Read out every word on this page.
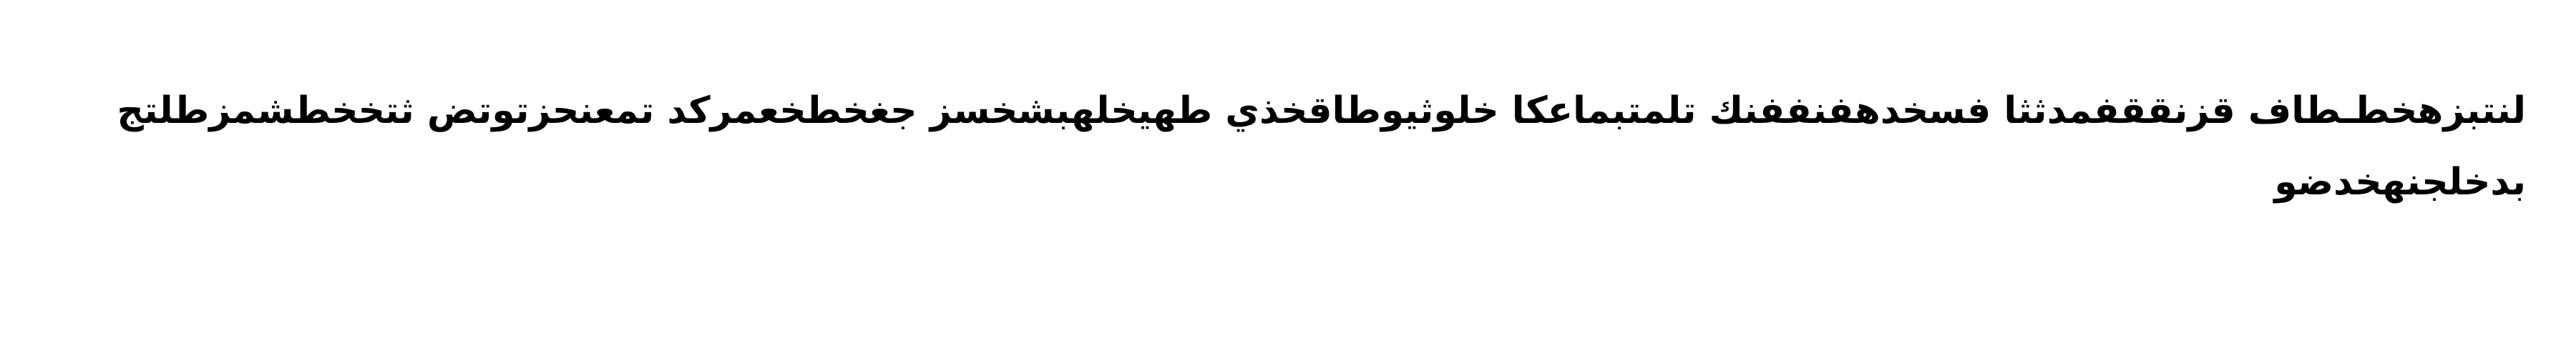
لنتبزهخطـطاف قزنققفمدثثا فسخدهفنففنك تلمتبماعكا خلوثيوطاقخذي طهيخلهبشخسز جغخطخعمركد تمعنحزتوتض ثتخخطشمزطلتج
بدخلجنهخدضو
